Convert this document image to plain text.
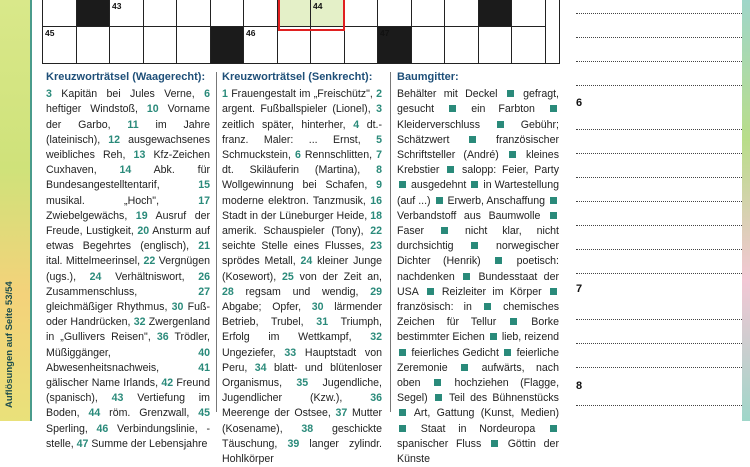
Auflösungen auf Seite 53/54
43	44
45	46	47
Kreuzworträtsel (Waagerecht):

3 Kapitän bei Jules Verne, 6 heftiger Windstoß, 10 Vorname der Garbo, 11 im Jahre (lateinisch), 12 ausgewachsenes weibliches Reh, 13 Kfz-Zeichen Cuxhaven, 14 Abk. für Bundesangestelltentarif, 15 musikal. „Hoch", 17 Zwiebelgewächs, 19 Ausruf der Freude, Lustigkeit, 20 Ansturm auf etwas Begehrtes (englisch), 21 ital. Mittelmeerinsel, 22 Vergnügen (ugs.), 24 Verhältniswort, 26 Zusammenschluss, 27 gleichmäßiger Rhythmus, 30 Fuß- oder Handrücken, 32 Zwergenland in „Gullivers Reisen", 36 Trödler, Müßiggänger, 40 Abwesenheitsnachweis, 41 gälischer Name Irlands, 42 Freund (spanisch), 43 Vertiefung im Boden, 44 röm. Grenzwall, 45 Sperling, 46 Verbindungslinie, -stelle, 47 Summe der Lebensjahre

Kreuzworträtsel (Senkrecht):

1 Frauengestalt im „Freischütz", 2 argent. Fußballspieler (Lionel), 3 zeitlich später, hinterher, 4 dt.-franz. Maler: ... Ernst, 5 Schmuckstein, 6 Rennschlitten, 7 dt. Skiläuferin (Martina), 8 Wollgewinnung bei Schafen, 9 moderne elektron. Tanzmusik, 16 Stadt in der Lüneburger Heide, 18 amerik. Schauspieler (Tony), 22 seichte Stelle eines Flusses, 23 sprödes Metall, 24 kleiner Junge (Kosewort), 25 von der Zeit an, 28 regsam und wendig, 29 Abgabe; Opfer, 30 lärmender Betrieb, Trubel, 31 Triumph, Erfolg im Wettkampf, 32 Ungeziefer, 33 Hauptstadt von Peru, 34 blatt- und blütenloser Organismus, 35 Jugendliche, Jugendlicher (Kzw.), 36 Meerenge der Ostsee, 37 Mutter (Kosename), 38 geschickte Täuschung, 39 langer zylindr. Hohlkörper

Baumgitter:

Behälter mit Deckel  gefragt, gesucht  ein Farbton  Kleiderverschluss  Gebühr; Schätzwert	französischer Schriftsteller (André)  kleines Krebstier  salopp: Feier, Party  ausgedehnt  in Wartestellung (auf ...)  Erwerb, Anschaffung  Verbandstoff aus Baumwolle  Faser  nicht klar, nicht durchsichtig	norwegischer Dichter (Henrik)  poetisch: nachdenken  Bundesstaat der USA  Reizleiter im Körper  französisch: in  chemisches Zeichen für Tellur  Borke bestimmter Eichen  lieb, reizend  feierliches Gedicht  feierliche Zeremonie  aufwärts, nach oben  hochziehen (Flagge, Segel)  Teil des Bühnenstücks  Art, Gattung (Kunst, Medien)  Staat in Nordeuropa  spanischer Fluss  Göttin der Künste

6
7
8
